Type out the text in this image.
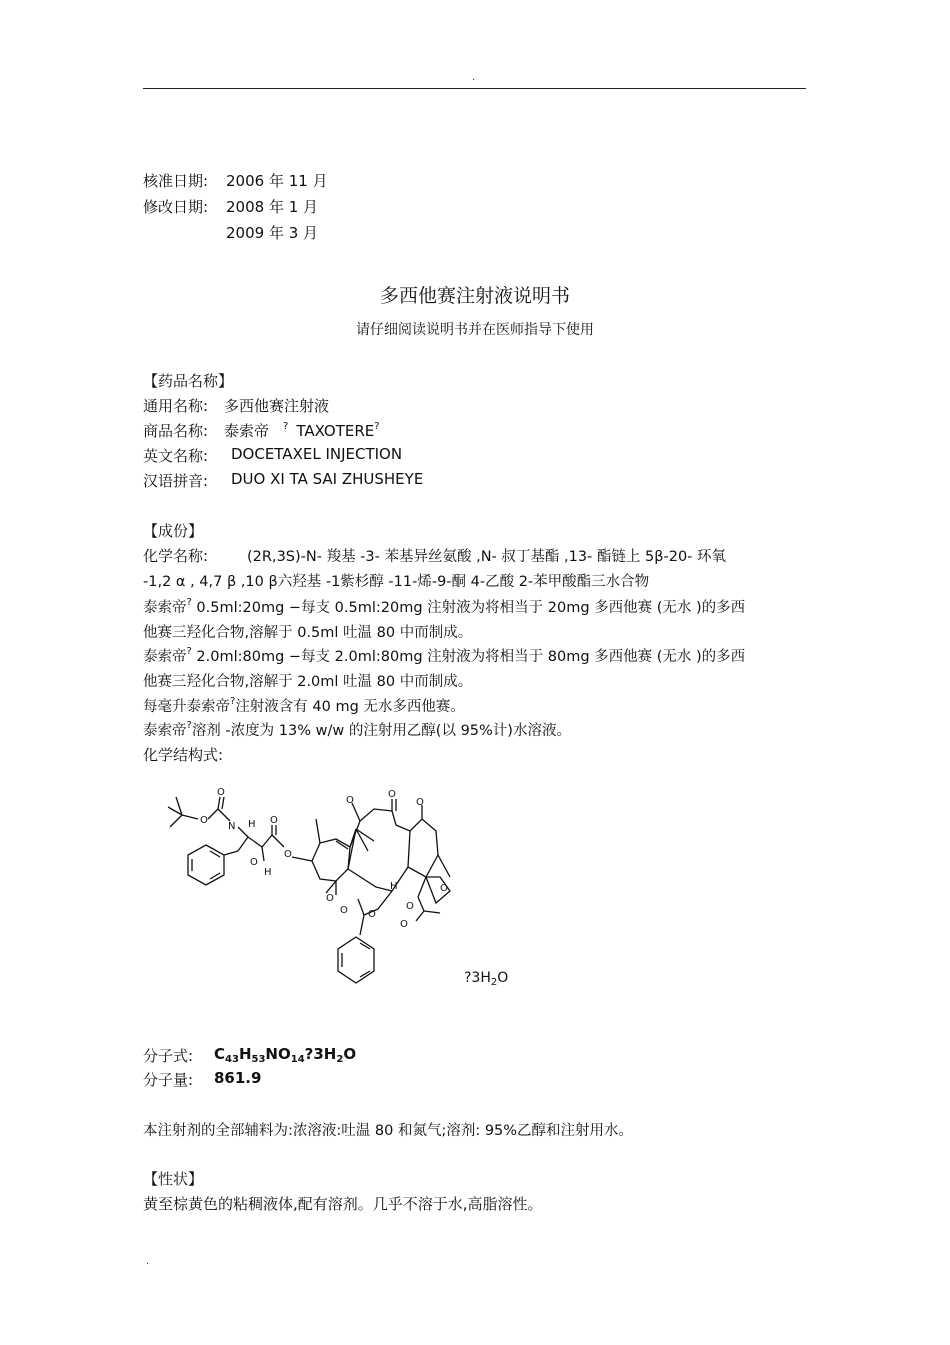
.
核准日期: 2006 年 11 月
修改日期: 2008 年 1 月
2009 年 3 月
多西他赛注射液说明书
请仔细阅读说明书并在医师指导下使用
【药品名称】
通用名称: 多西他赛注射液
商品名称: 泰索帝 ? TAXOTERE?
英文名称: DOCETAXEL INJECTION
汉语拼音: DUO XI TA SAI ZHUSHEYE
【成份】
化学名称:	(2R,3S)-N- 羧基 -3- 苯基异丝氨酸 ,N- 叔丁基酯 ,13- 酯链上 5β-20- 环氧
-1,2 α , 4,7 β ,10 β六羟基 -1紫杉醇 -11-烯-9-酮 4-乙酸 2-苯甲酸酯三水合物
泰索帝? 0.5ml:20mg −每支 0.5ml:20mg 注射液为将相当于 20mg 多西他赛 (无水 )的多西
他赛三羟化合物,溶解于 0.5ml 吐温 80 中而制成。
泰索帝? 2.0ml:80mg −每支 2.0ml:80mg 注射液为将相当于 80mg 多西他赛 (无水 )的多西
他赛三羟化合物,溶解于 2.0ml 吐温 80 中而制成。
每毫升泰索帝?注射液含有 40 mg 无水多西他赛。
泰索帝?溶剂 -浓度为 13% w/w 的注射用乙醇(以 95%计)水溶液。
化学结构式:
O
O
N H O
O
O
H
O
O
O
H	O
O
O
O	O
O
$?3H_2O$
分子式: $C_{43}H_{53}NO_{14}?3H_2O$
分子量: 861.9
本注射剂的全部辅料为:浓溶液:吐温 80 和氮气;溶剂: 95%乙醇和注射用水。
【性状】
黄至棕黄色的粘稠液体,配有溶剂。几乎不溶于水,高脂溶性。
.
